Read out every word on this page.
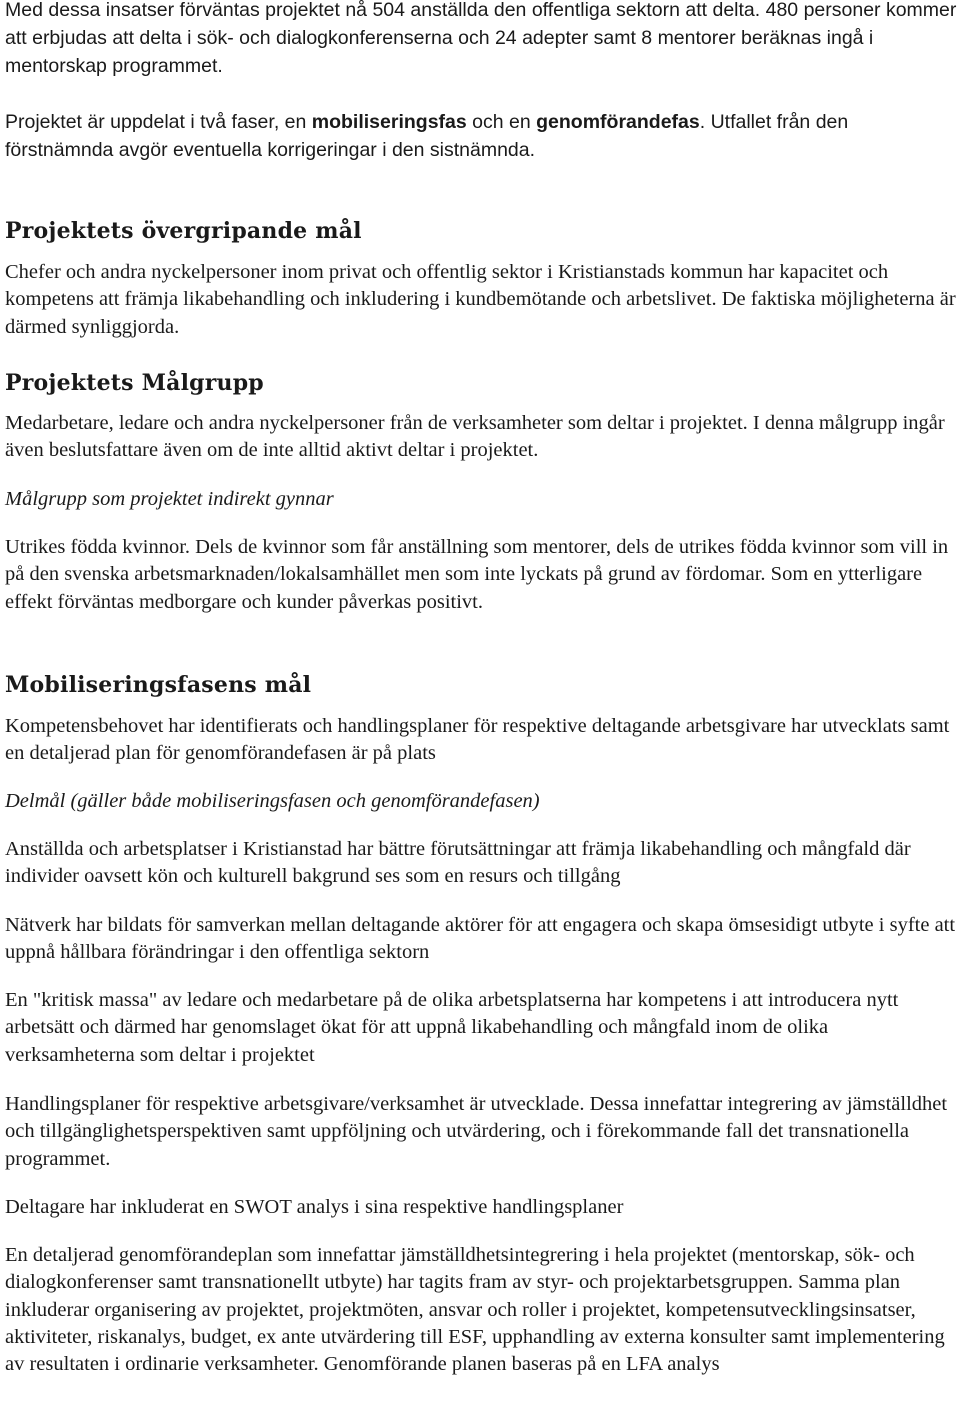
Med dessa insatser förväntas projektet nå 504 anställda den offentliga sektorn att delta. 480 personer kommer att erbjudas att delta i sök- och dialogkonferenserna och 24 adepter samt 8 mentorer beräknas ingå i mentorskap programmet.

Projektet är uppdelat i två faser, en mobiliseringsfas och en genomförandefas. Utfallet från den förstnämnda avgör eventuella korrigeringar i den sistnämnda.

Projektets övergripande mål

Chefer och andra nyckelpersoner inom privat och offentlig sektor i Kristianstads kommun har kapacitet och kompetens att främja likabehandling och inkludering i kundbemötande och arbetslivet. De faktiska möjligheterna är därmed synliggjorda.

Projektets Målgrupp

Medarbetare, ledare och andra nyckelpersoner från de verksamheter som deltar i projektet. I denna målgrupp ingår även beslutsfattare även om de inte alltid aktivt deltar i projektet.

Målgrupp som projektet indirekt gynnar

Utrikes födda kvinnor. Dels de kvinnor som får anställning som mentorer, dels de utrikes födda kvinnor som vill in på den svenska arbetsmarknaden/lokalsamhället men som inte lyckats på grund av fördomar. Som en ytterligare effekt förväntas medborgare och kunder påverkas positivt.

Mobiliseringsfasens mål

Kompetensbehovet har identifierats och handlingsplaner för respektive deltagande arbetsgivare har utvecklats samt en detaljerad plan för genomförandefasen är på plats

Delmål (gäller både mobiliseringsfasen och genomförandefasen)

Anställda och arbetsplatser i Kristianstad har bättre förutsättningar att främja likabehandling och mångfald där individer oavsett kön och kulturell bakgrund ses som en resurs och tillgång

Nätverk har bildats för samverkan mellan deltagande aktörer för att engagera och skapa ömsesidigt utbyte i syfte att uppnå hållbara förändringar i den offentliga sektorn

En "kritisk massa" av ledare och medarbetare på de olika arbetsplatserna har kompetens i att introducera nytt arbetsätt och därmed har genomslaget ökat för att uppnå likabehandling och mångfald inom de olika verksamheterna som deltar i projektet

Handlingsplaner för respektive arbetsgivare/verksamhet är utvecklade. Dessa innefattar integrering av jämställdhet och tillgänglighetsperspektiven samt uppföljning och utvärdering, och i förekommande fall det transnationella programmet.

Deltagare har inkluderat en SWOT analys i sina respektive handlingsplaner

En detaljerad genomförandeplan som innefattar jämställdhetsintegrering i hela projektet (mentorskap, sök- och dialogkonferenser samt transnationellt utbyte) har tagits fram av styr- och projektarbetsgruppen. Samma plan inkluderar organisering av projektet, projektmöten, ansvar och roller i projektet, kompetensutvecklingsinsatser, aktiviteter, riskanalys, budget, ex ante utvärdering till ESF, upphandling av externa konsulter samt implementering av resultaten i ordinarie verksamheter. Genomförande planen baseras på en LFA analys
